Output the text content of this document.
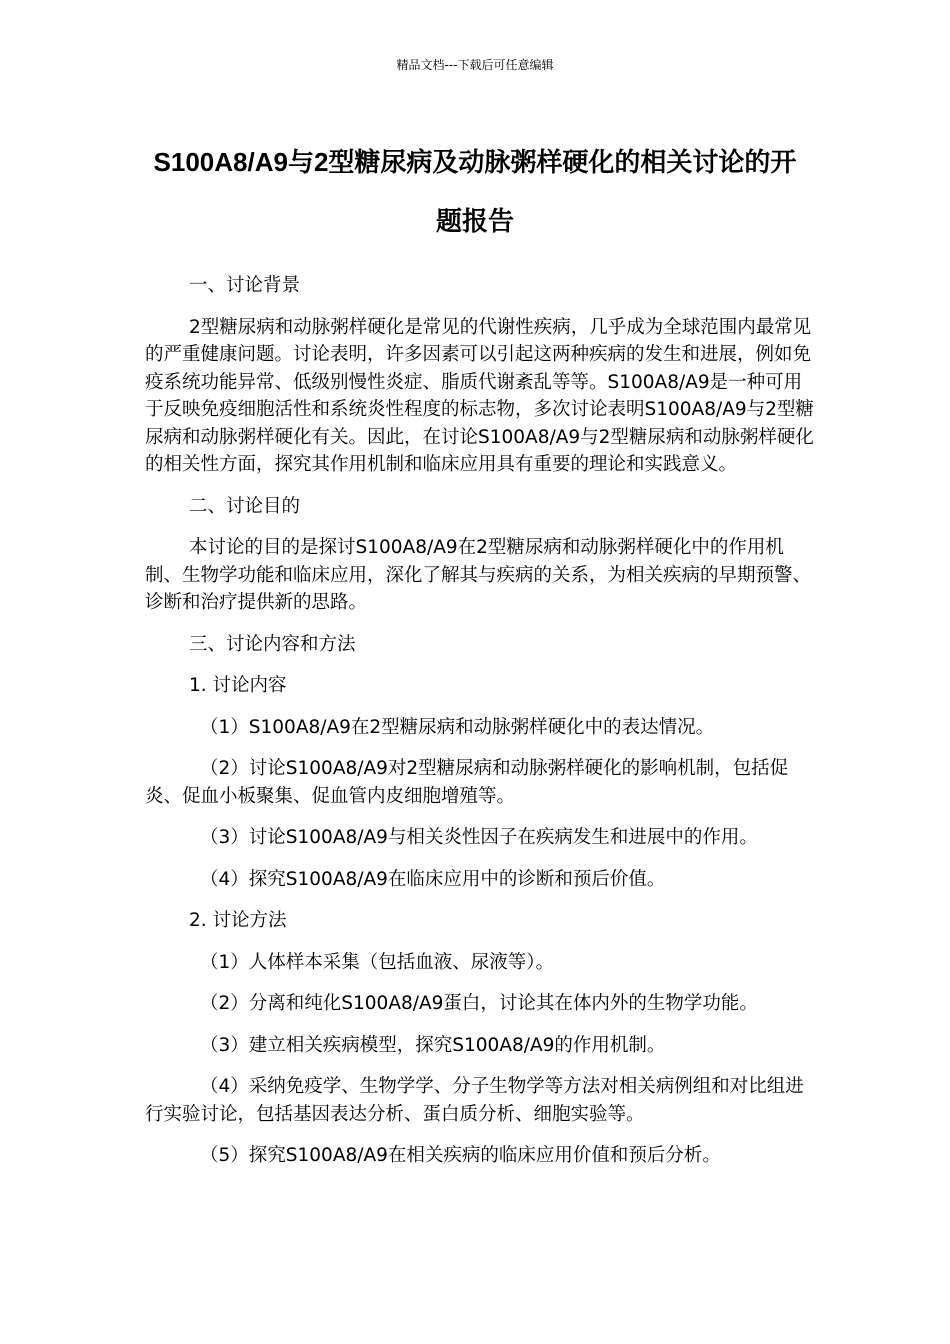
精品文档---下载后可任意编辑
S100A8/A9与2型糖尿病及动脉粥样硬化的相关讨论的开题报告

一、讨论背景

2型糖尿病和动脉粥样硬化是常见的代谢性疾病，几乎成为全球范围内最常见的严重健康问题。讨论表明，许多因素可以引起这两种疾病的发生和进展，例如免疫系统功能异常、低级别慢性炎症、脂质代谢紊乱等等。S100A8/A9是一种可用于反映免疫细胞活性和系统炎性程度的标志物，多次讨论表明S100A8/A9与2型糖尿病和动脉粥样硬化有关。因此，在讨论S100A8/A9与2型糖尿病和动脉粥样硬化的相关性方面，探究其作用机制和临床应用具有重要的理论和实践意义。

二、讨论目的

本讨论的目的是探讨S100A8/A9在2型糖尿病和动脉粥样硬化中的作用机制、生物学功能和临床应用，深化了解其与疾病的关系，为相关疾病的早期预警、诊断和治疗提供新的思路。

三、讨论内容和方法

1. 讨论内容

（1）S100A8/A9在2型糖尿病和动脉粥样硬化中的表达情况。

（2）讨论S100A8/A9对2型糖尿病和动脉粥样硬化的影响机制，包括促炎、促血小板聚集、促血管内皮细胞增殖等。

（3）讨论S100A8/A9与相关炎性因子在疾病发生和进展中的作用。

（4）探究S100A8/A9在临床应用中的诊断和预后价值。

2. 讨论方法

（1）人体样本采集（包括血液、尿液等）。

（2）分离和纯化S100A8/A9蛋白，讨论其在体内外的生物学功能。

（3）建立相关疾病模型，探究S100A8/A9的作用机制。

（4）采纳免疫学、生物学学、分子生物学等方法对相关病例组和对比组进行实验讨论，包括基因表达分析、蛋白质分析、细胞实验等。

（5）探究S100A8/A9在相关疾病的临床应用价值和预后分析。
